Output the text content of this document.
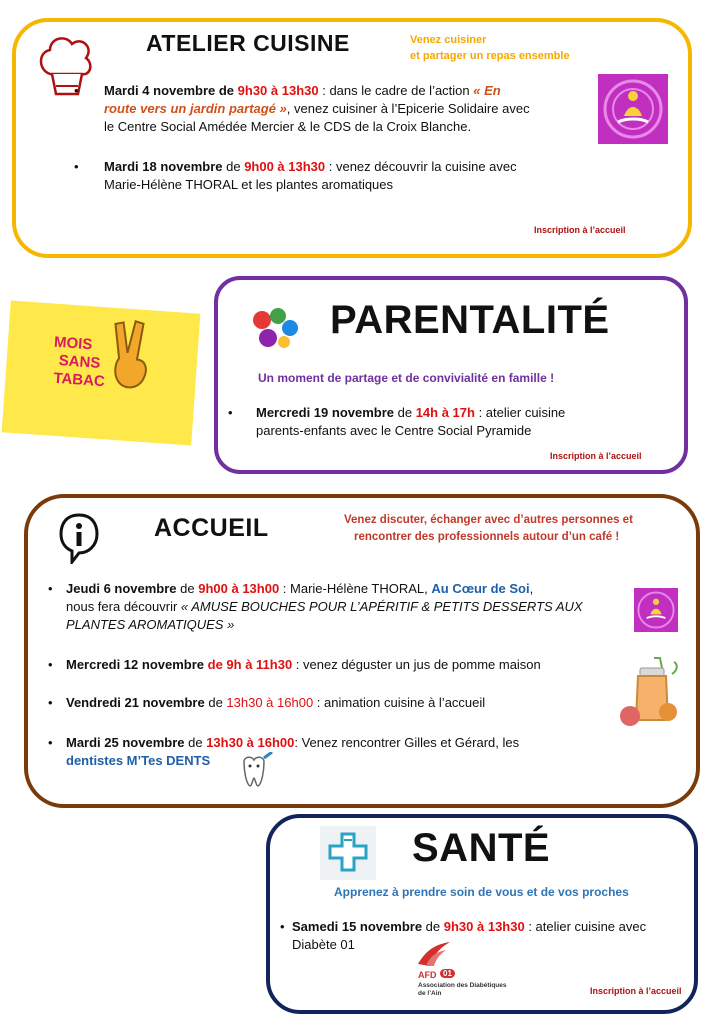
ATELIER CUISINE	Venez cuisiner
et partager un repas ensemble
• Mardi 4 novembre de 9h30 à 13h30 : dans le cadre de l’action « En
route vers un jardin partagé », venez cuisiner à l’Epicerie Solidaire avec
le Centre Social Amédée Mercier & le CDS de la Croix Blanche.
• Mardi 18 novembre de 9h00 à 13h30 : venez découvrir la cuisine avec
Marie-Hélène THORAL et les plantes aromatiques
Inscription à l’accueil
MOIS
SANS
TABAC
PARENTALITÉ
Un moment de partage et de convivialité en famille !
• Mercredi 19 novembre de 14h à 17h : atelier cuisine
parents-enfants avec le Centre Social Pyramide
Inscription à l’accueil
ACCUEIL	Venez discuter, échanger avec d’autres personnes et
rencontrer des professionnels autour d’un café !
• Jeudi 6 novembre de 9h00 à 13h00 : Marie-Hélène THORAL, Au Cœur de Soi,
nous fera découvrir « AMUSE BOUCHES POUR L’APÉRITIF & PETITS DESSERTS AUX
PLANTES AROMATIQUES »
• Mercredi 12 novembre de 9h à 11h30 : venez déguster un jus de pomme maison
• Vendredi 21 novembre de 13h30 à 16h00 : animation cuisine à l’accueil
• Mardi 25 novembre de 13h30 à 16h00: Venez rencontrer Gilles et Gérard, les
dentistes M’Tes DENTS
SANTÉ
Apprenez à prendre soin de vous et de vos proches
• Samedi 15 novembre de 9h30 à 13h30 : atelier cuisine avec
Diabète 01
AFD 01
Association des Diabétiques
de l’Ain	Inscription à l’accueil
